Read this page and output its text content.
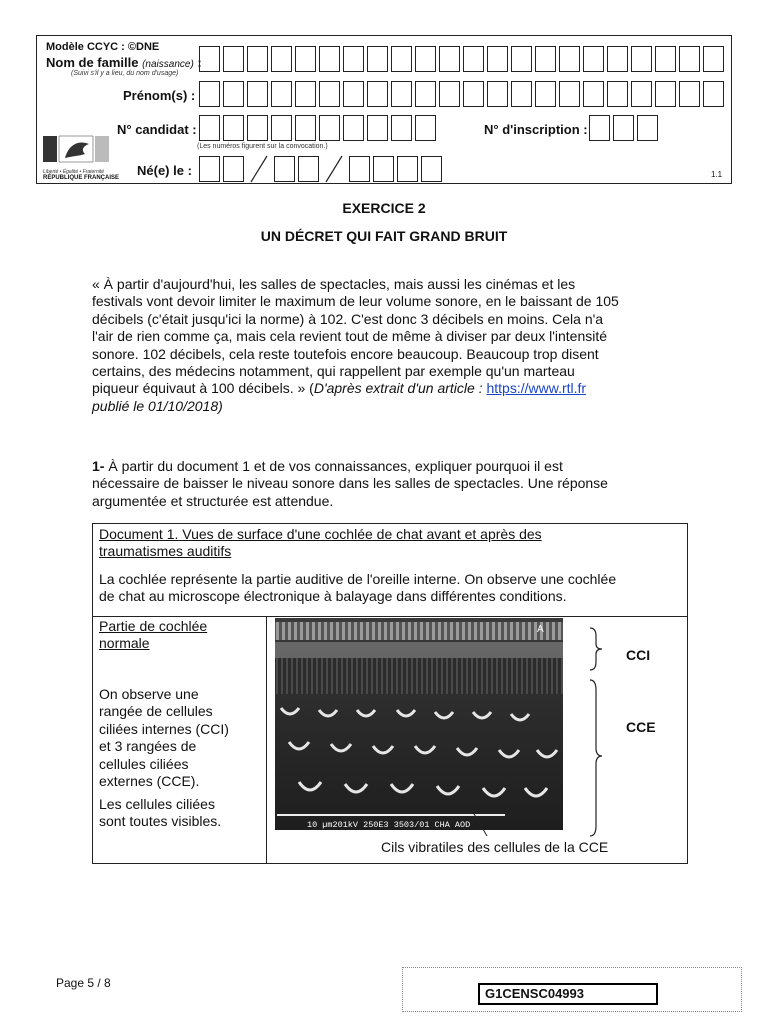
Modèle CCYC : ©DNE
Nom de famille (naissance) :
(Suivi s'il y a lieu, du nom d'usage)
Prénom(s) :
N° candidat :
(Les numéros figurent sur la convocation.)
N° d'inscription :
Liberté • Égalité • Fraternité
RÉPUBLIQUE FRANÇAISE Né(e) le :	1.1
EXERCICE 2
UN DÉCRET QUI FAIT GRAND BRUIT
« À partir d'aujourd'hui, les salles de spectacles, mais aussi les cinémas et les
festivals vont devoir limiter le maximum de leur volume sonore, en le baissant de 105
décibels (c'était jusqu'ici la norme) à 102. C'est donc 3 décibels en moins. Cela n'a
l'air de rien comme ça, mais cela revient tout de même à diviser par deux l'intensité
sonore. 102 décibels, cela reste toutefois encore beaucoup. Beaucoup trop disent
certains, des médecins notamment, qui rappellent par exemple qu'un marteau
piqueur équivaut à 100 décibels. » (D'après extrait d'un article : https://www.rtl.fr
publié le 01/10/2018)
1- À partir du document 1 et de vos connaissances, expliquer pourquoi il est
nécessaire de baisser le niveau sonore dans les salles de spectacles. Une réponse
argumentée et structurée est attendue.
Document 1. Vues de surface d'une cochlée de chat avant et après des
traumatismes auditifs
La cochlée représente la partie auditive de l'oreille interne. On observe une cochlée
de chat au microscope électronique à balayage dans différentes conditions.
Partie de cochlée
normale
On observe une
rangée de cellules
ciliées internes (CCI)
et 3 rangées de
cellules ciliées
externes (CCE).
Les cellules ciliées
sont toutes visibles.
A
10 µm201kV 250E3 3503/01 CHA AOD
CCI
CCE
Cils vibratiles des cellules de la CCE
Page 5 / 8
G1CENSC04993
